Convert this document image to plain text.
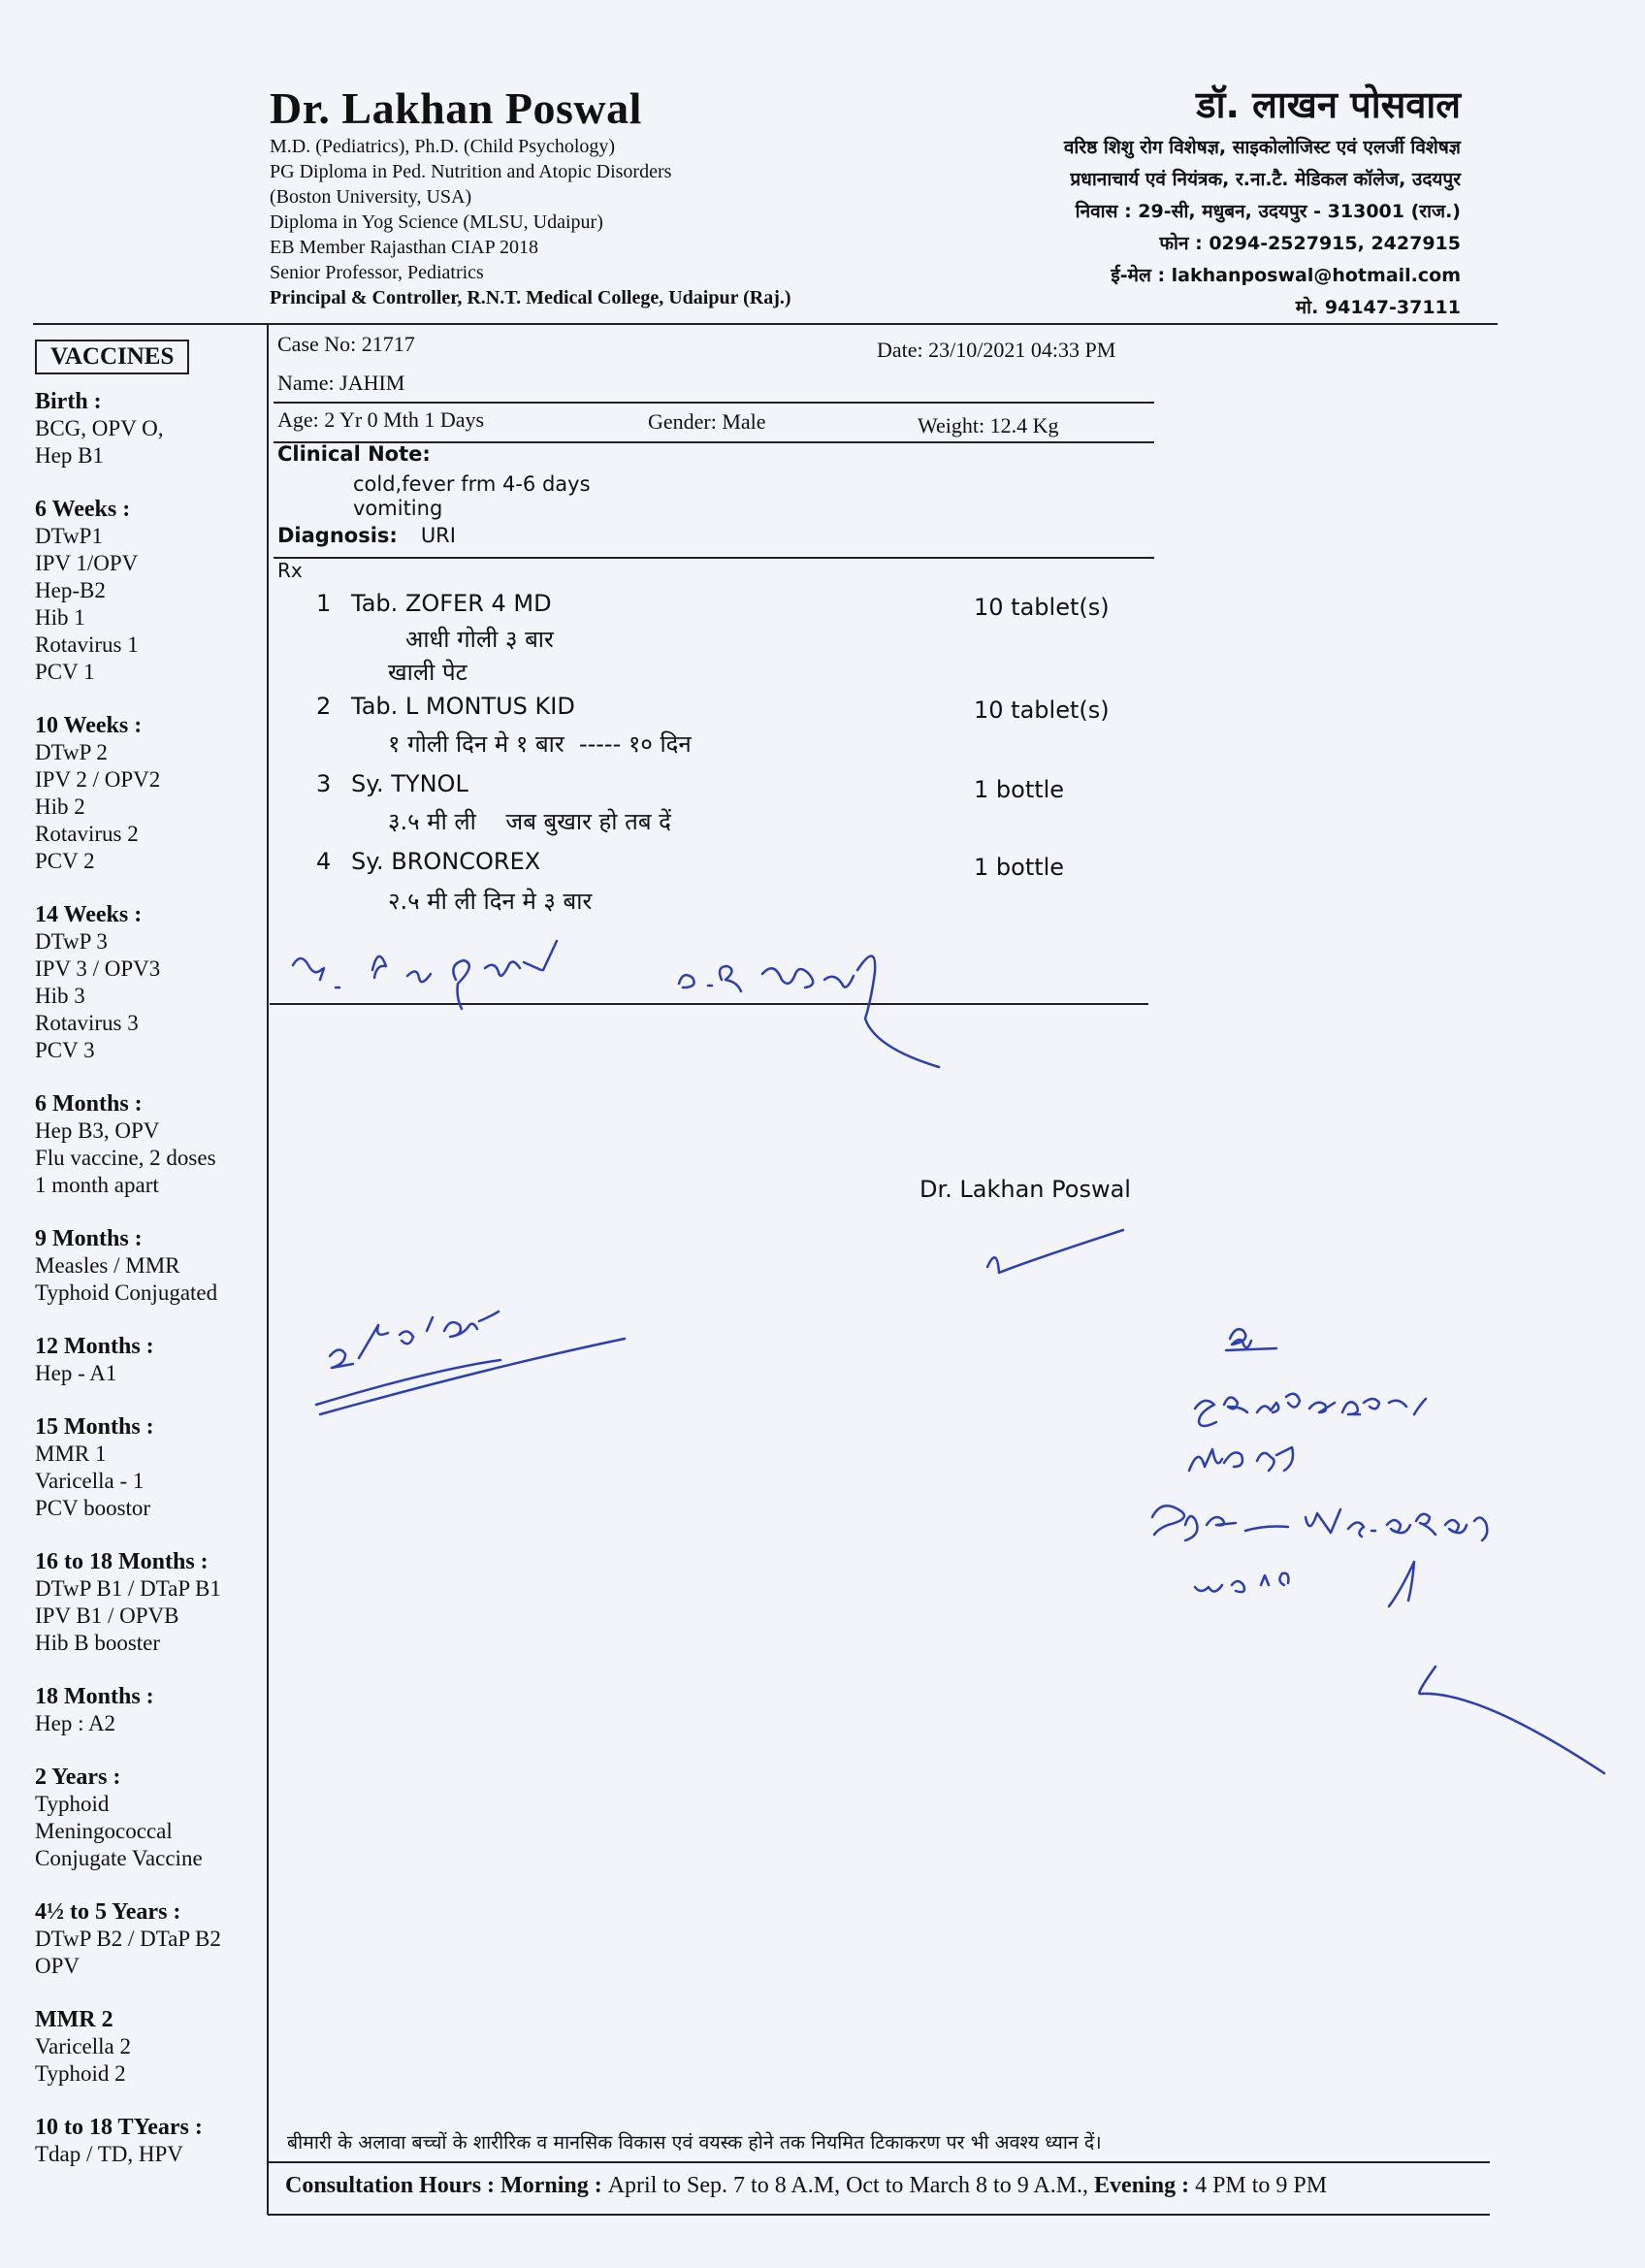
Dr. Lakhan Poswal
M.D. (Pediatrics), Ph.D. (Child Psychology)
PG Diploma in Ped. Nutrition and Atopic Disorders
(Boston University, USA)
Diploma in Yog Science (MLSU, Udaipur)
EB Member Rajasthan CIAP 2018
Senior Professor, Pediatrics
Principal & Controller, R.N.T. Medical College, Udaipur (Raj.)
डॉ. लाखन पोसवाल
वरिष्ठ शिशु रोग विशेषज्ञ, साइकोलोजिस्ट एवं एलर्जी विशेषज्ञ
प्रधानाचार्य एवं नियंत्रक, र.ना.टै. मेडिकल कॉलेज, उदयपुर
निवास : 29-सी, मधुबन, उदयपुर - 313001 (राज.)
फोन : 0294-2527915, 2427915
ई-मेल : lakhanposwal@hotmail.com
मो. 94147-37111
VACCINES
Birth :
BCG, OPV O,
Hep B1
6 Weeks :
DTwP1
IPV 1/OPV
Hep-B2
Hib 1
Rotavirus 1
PCV 1
10 Weeks :
DTwP 2
IPV 2 / OPV2
Hib 2
Rotavirus 2
PCV 2
14 Weeks :
DTwP 3
IPV 3 / OPV3
Hib 3
Rotavirus 3
PCV 3
6 Months :
Hep B3, OPV
Flu vaccine, 2 doses
1 month apart
9 Months :
Measles / MMR
Typhoid Conjugated
12 Months :
Hep - A1
15 Months :
MMR 1
Varicella - 1
PCV boostor
16 to 18 Months :
DTwP B1 / DTaP B1
IPV B1 / OPVB
Hib B booster
18 Months :
Hep : A2
2 Years :
Typhoid
Meningococcal
Conjugate Vaccine
4½ to 5 Years :
DTwP B2 / DTaP B2
OPV
MMR 2
Varicella 2
Typhoid 2
10 to 18 TYears :
Tdap / TD, HPV
Case No: 21717	Date: 23/10/2021 04:33 PM
Name: JAHIM
Age: 2 Yr 0 Mth 1 Days	Gender: Male	Weight: 12.4 Kg
Clinical Note:
cold,fever frm 4-6 days
vomiting
Diagnosis: URI
Rx
1 Tab. ZOFER 4 MD	10 tablet(s)
आधी गोली ३ बार
खाली पेट
2 Tab. L MONTUS KID	10 tablet(s)
१ गोली दिन मे १ बार  ----- १० दिन
3 Sy. TYNOL	1 bottle
३.५ मी ली    जब बुखार हो तब दें
4 Sy. BRONCOREX	1 bottle
२.५ मी ली दिन मे ३ बार
Dr. Lakhan Poswal
बीमारी के अलावा बच्चों के शारीरिक व मानसिक विकास एवं वयस्क होने तक नियमित टिकाकरण पर भी अवश्य ध्यान दें।
Consultation Hours : Morning : April to Sep. 7 to 8 A.M, Oct to March 8 to 9 A.M., Evening : 4 PM to 9 PM
